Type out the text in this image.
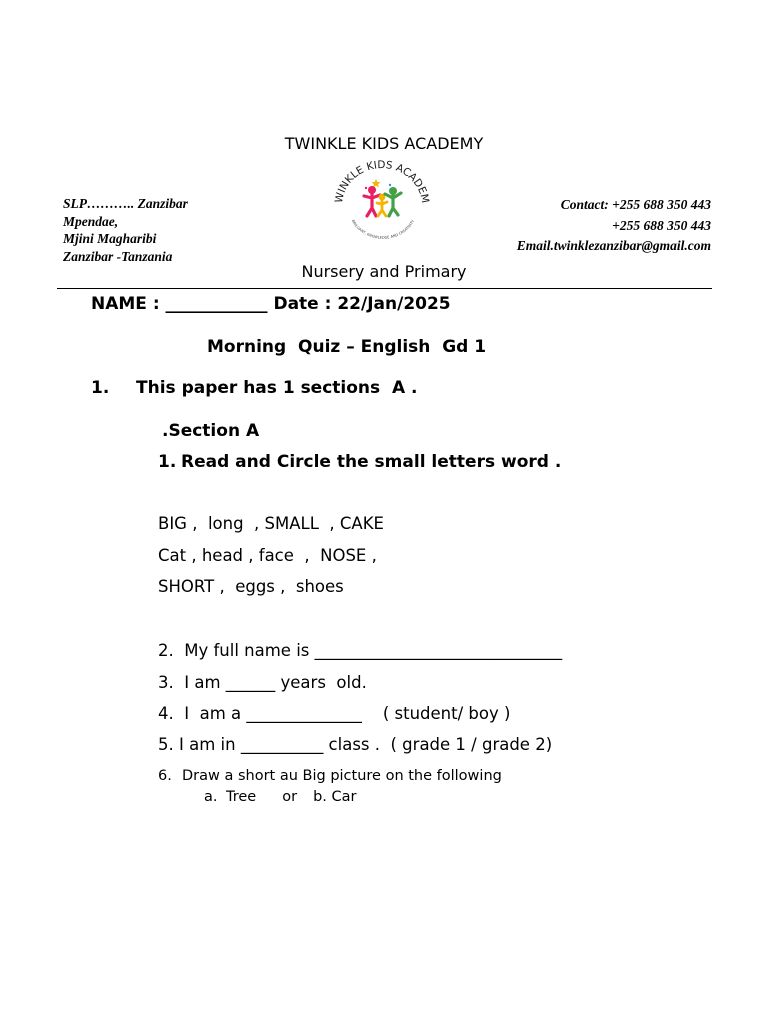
TWINKLE KIDS ACADEMY
SLP……….. Zanzibar
Mpendae,
Mjini Magharibi
Zanzibar -Tanzania
WINKLE KIDS ACADEM
BRILLIANT, KNOWLEDGE AND CREATIVITY
Contact: +255 688 350 443
+255 688 350 443
Email.twinklezanzibar@gmail.com
Nursery and Primary
NAME : ____________ Date : 22/Jan/2025
Morning  Quiz – English  Gd 1
1. This paper has 1 sections  A .
.Section A
1. Read and Circle the small letters word .
BIG ,  long  , SMALL  , CAKE
Cat , head , face  ,  NOSE ,
SHORT ,  eggs ,  shoes
2.  My full name is ______________________________
3.  I am ______ years  old.
4.  I  am a ______________    ( student/ boy )
5. I am in __________ class .  ( grade 1 / grade 2)
6. Draw a short au Big picture on the following
a. Tree or b. Car
